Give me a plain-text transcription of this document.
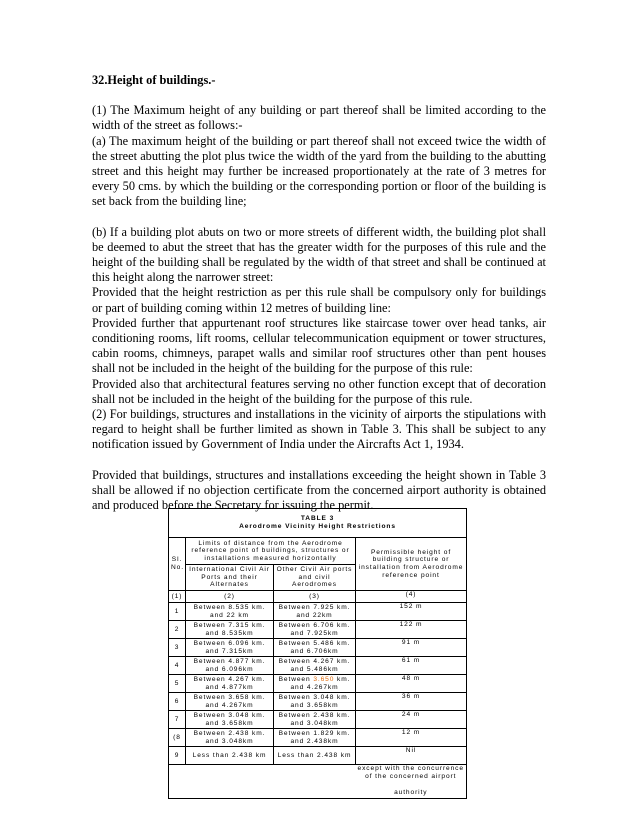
32.Height of buildings.-

(1) The Maximum height of any building or part thereof shall be limited according to the width of the street as follows:-

(a) The maximum height of the building or part thereof shall not exceed twice the width of the street abutting the plot plus twice the width of the yard from the building to the abutting street and this height may further be increased proportionately at the rate of 3 metres for every 50 cms. by which the building or the corresponding portion or floor of the building is set back from the building line;

(b) If a building plot abuts on two or more streets of different width, the building plot shall be deemed to abut the street that has the greater width for the purposes of this rule and the height of the building shall be regulated by the width of that street and shall be continued at this height along the narrower street:

Provided that the height restriction as per this rule shall be compulsory only for buildings or part of building coming within 12 metres of building line:

Provided further that appurtenant roof structures like staircase tower over head tanks, air conditioning rooms, lift rooms, cellular telecommunication equipment or tower structures, cabin rooms, chimneys, parapet walls and similar roof structures other than pent houses shall not be included in the height of the building for the purpose of this rule:

Provided also that architectural features serving no other function except that of decoration shall not be included in the height of the building for the purpose of this rule.

(2) For buildings, structures and installations in the vicinity of airports the stipulations with regard to height shall be further limited as shown in Table 3. This shall be subject to any notification issued by Government of India under the Aircrafts Act 1, 1934.

Provided that buildings, structures and installations exceeding the height shown in Table 3 shall be allowed if no objection certificate from the concerned airport authority is obtained and produced before the Secretary for issuing the permit.

TABLE 3
Aerodrome Vicinity Height Restrictions			

Sl. No.	Limits of distance from the Aerodrome reference point of buildings, structures or installations measured horizontally		Permissible height of building structure or installation from Aerodrome reference point
	International Civil Air Ports and their Alternates	Other Civil Air ports and civil Aerodromes	
(1)	(2)	(3)	(4)
1	Between 8.535 km. and 22 km	Between 7.925 km.
and 22km	152 m
2	Between 7.315 km. and 8.535km	Between 6.706 km.
and 7.925km	122 m
3	Between 6.096 km. and 7.315km	Between 5.486 km.
and 6.706km	91 m
4	Between 4.877 km. and 6.096km	Between 4.267 km.
and 5.486km	61 m
5	Between 4.267 km. and 4.877km	Between 3.650 km.
and 4.267km	48 m
6	Between 3.658 km. and 4.267km	Between 3.048 km.
and 3.658km	36 m
7	Between 3.048 km. and 3.658km	Between 2.438 km.
and 3.048km	24 m
(8	Between 2.438 km. and 3.048km	Between 1.829 km.
and 2.438km	12 m
9	Less than 2.438 km	Less than 2.438 km	Nil

			except with the concurrence
of the concerned airport
authority
